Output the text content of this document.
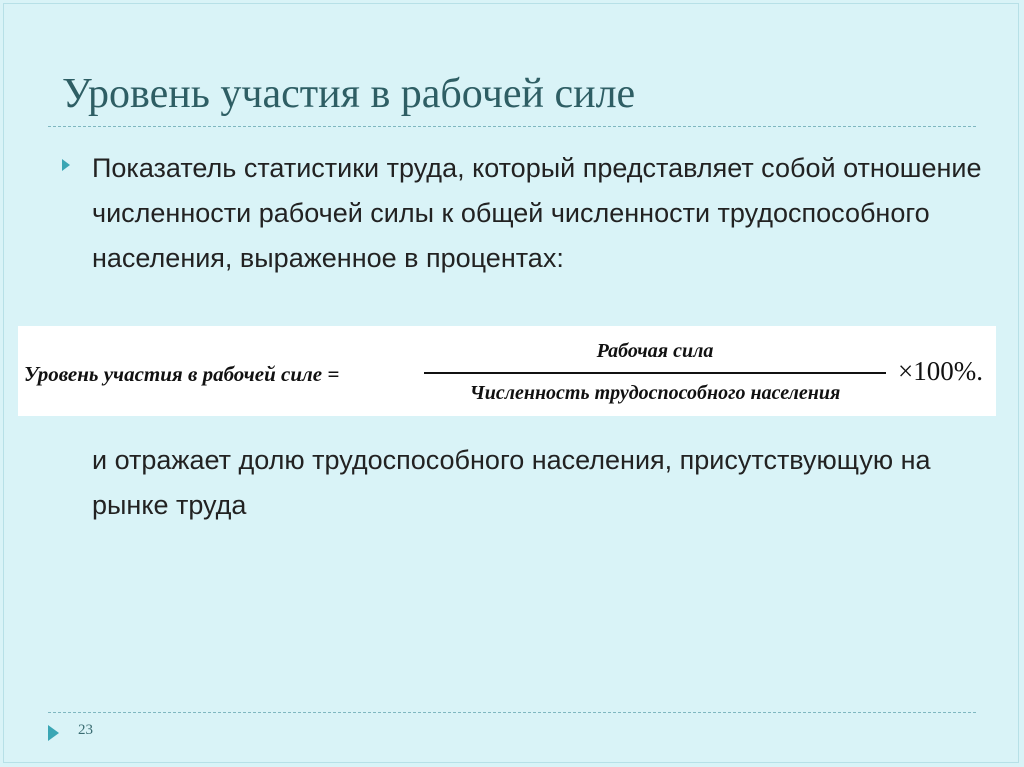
Уровень участия в рабочей силе
Показатель статистики труда, который представляет собой отношение численности рабочей силы к общей численности трудоспособного населения, выраженное в процентах:
Уровень участия в рабочей силе =
Рабочая сила
Численность трудоспособного населения
×100%.
и отражает долю трудоспособного населения, присутствующую на рынке труда
23
